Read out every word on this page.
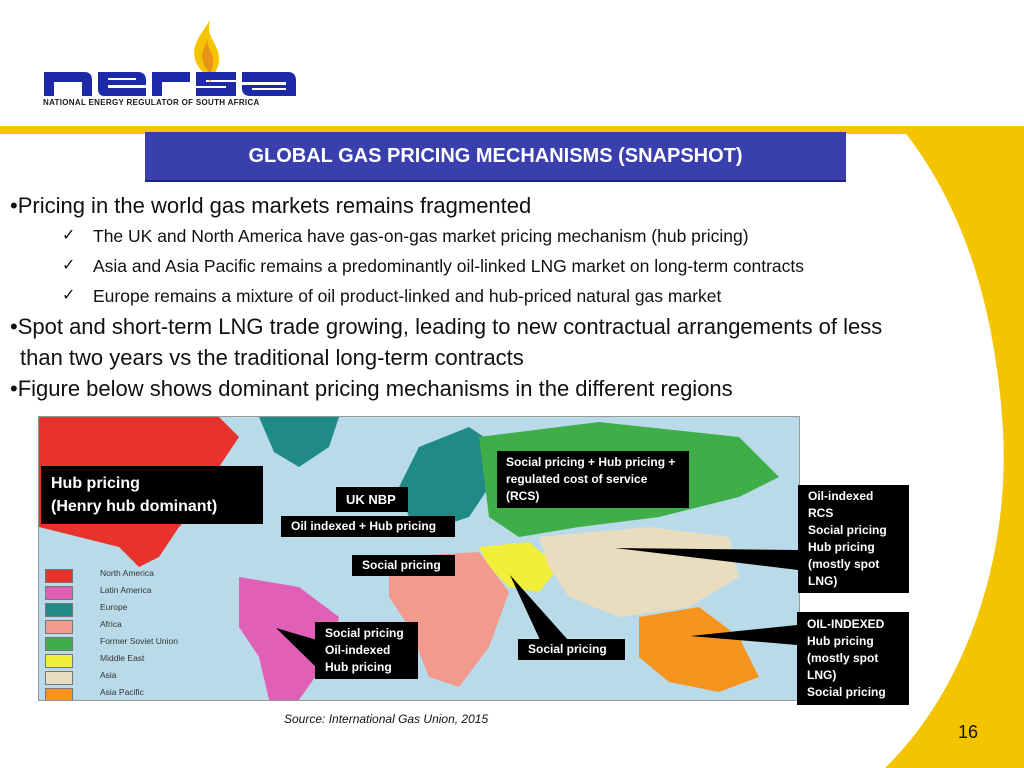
NATIONAL ENERGY REGULATOR OF SOUTH AFRICA
GLOBAL GAS PRICING MECHANISMS (SNAPSHOT)
•Pricing in the world gas markets remains fragmented
✓ The UK and North America have gas-on-gas market pricing mechanism (hub pricing)
✓ Asia and Asia Pacific remains a predominantly oil-linked LNG market on long-term contracts
✓ Europe remains a mixture of oil product-linked and hub-priced natural gas market
•Spot and short-term LNG trade growing, leading to new contractual arrangements of less
than two years vs the traditional long-term contracts
•Figure below shows dominant pricing mechanisms in the different regions
North America
Latin America
Europe
Africa
Former Soviet Union
Middle East
Asia
Asia Pacific
Hub pricing
(Henry hub dominant)	UK NBP
Oil indexed + Hub pricing
Social pricing
Social pricing + Hub pricing +
regulated cost of service
(RCS)	Oil-indexed
RCS
Social pricing
Hub pricing
(mostly spot
LNG)
Social pricing
Oil-indexed
Hub pricing
Social pricing
OIL-INDEXED
Hub pricing
(mostly spot
LNG)
Social pricing
Source: International Gas Union, 2015
16
